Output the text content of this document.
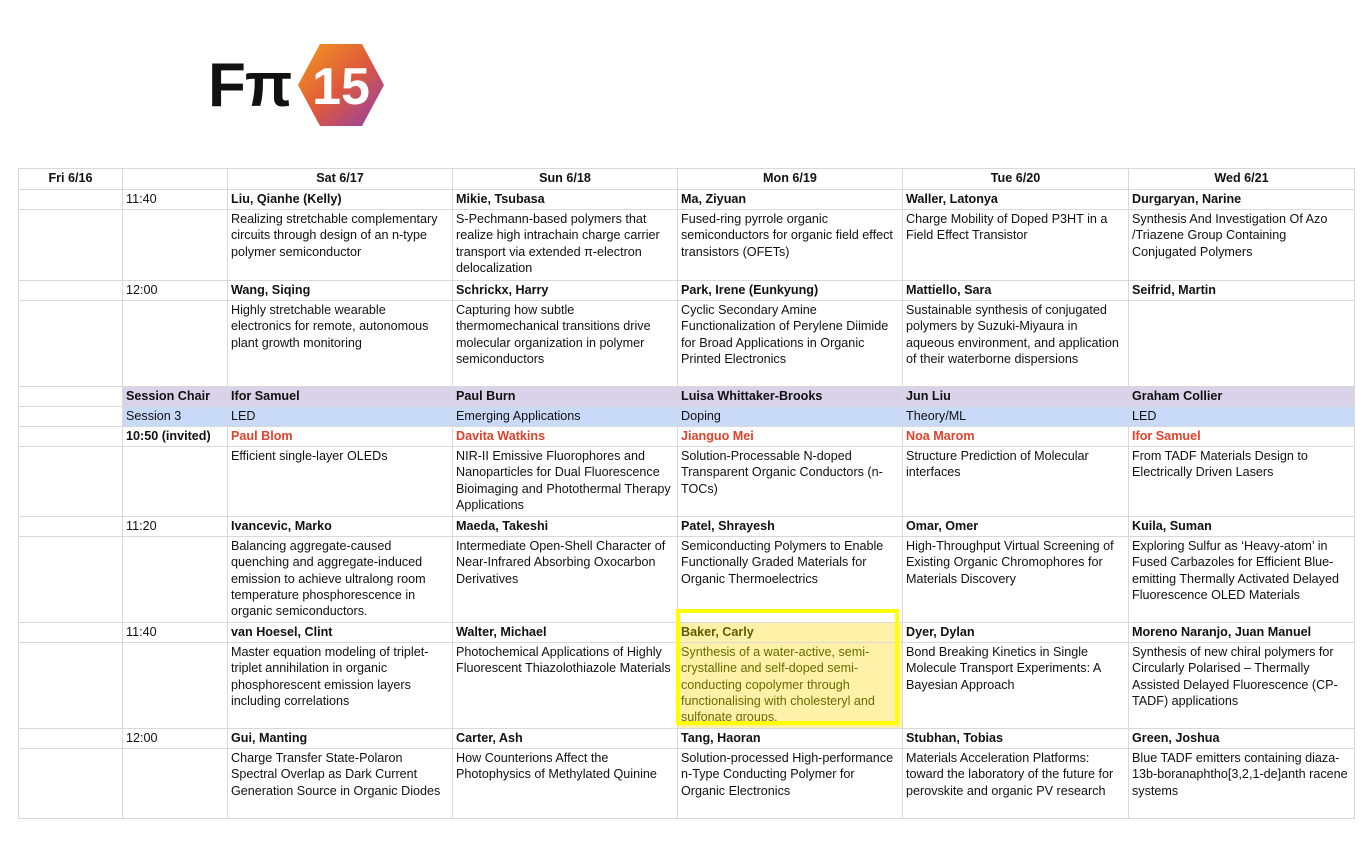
Fπ 15
Fri 6/16		Sat 6/17	Sun 6/18	Mon 6/19	Tue 6/20	Wed 6/21
	11:40	Liu, Qianhe (Kelly)	Mikie, Tsubasa	Ma, Ziyuan	Waller, Latonya	Durgaryan, Narine
		Realizing stretchable complementary circuits through design of an n-type polymer semiconductor	S-Pechmann-based polymers that realize high intrachain charge carrier transport via extended π-electron delocalization	Fused-ring pyrrole organic semiconductors for organic field effect transistors (OFETs)	Charge Mobility of Doped P3HT in a Field Effect Transistor	Synthesis And Investigation Of Azo /Triazene Group Containing Conjugated Polymers
	12:00	Wang, Siqing	Schrickx, Harry	Park, Irene (Eunkyung)	Mattiello, Sara	Seifrid, Martin
		Highly stretchable wearable electronics for remote, autonomous plant growth monitoring	Capturing how subtle thermomechanical transitions drive molecular organization in polymer semiconductors	Cyclic Secondary Amine Functionalization of Perylene Diimide for Broad Applications in Organic Printed Electronics	Sustainable synthesis of conjugated polymers by Suzuki-Miyaura in aqueous environment, and application of their waterborne dispersions	
	Session Chair	Ifor Samuel	Paul Burn	Luisa Whittaker-Brooks	Jun Liu	Graham Collier
	Session 3	LED	Emerging Applications	Doping	Theory/ML	LED
	10:50 (invited)	Paul Blom	Davita Watkins	Jianguo Mei	Noa Marom	Ifor Samuel
		Efficient single-layer OLEDs	NIR-II Emissive Fluorophores and Nanoparticles for Dual Fluorescence Bioimaging and Photothermal Therapy Applications	Solution-Processable N-doped Transparent Organic Conductors (n-TOCs)	Structure Prediction of Molecular interfaces	From TADF Materials Design to Electrically Driven Lasers
	11:20	Ivancevic, Marko	Maeda, Takeshi	Patel, Shrayesh	Omar, Omer	Kuila, Suman
		Balancing aggregate-caused quenching and aggregate-induced emission to achieve ultralong room temperature phosphorescence in organic semiconductors.	Intermediate Open-Shell Character of Near-Infrared Absorbing Oxocarbon Derivatives	Semiconducting Polymers to Enable Functionally Graded Materials for Organic Thermoelectrics	High-Throughput Virtual Screening of Existing Organic Chromophores for Materials Discovery	Exploring Sulfur as ‘Heavy-atom’ in Fused Carbazoles for Efficient Blue-emitting Thermally Activated Delayed Fluorescence OLED Materials
	11:40	van Hoesel, Clint	Walter, Michael	Baker, Carly	Dyer, Dylan	Moreno Naranjo, Juan Manuel
		Master equation modeling of triplet-triplet annihilation in organic phosphorescent emission layers including correlations	Photochemical Applications of Highly Fluorescent Thiazolothiazole Materials	Synthesis of a water-active, semi-crystalline and self-doped semi-conducting copolymer through functionalising with cholesteryl and sulfonate groups.	Bond Breaking Kinetics in Single Molecule Transport Experiments: A Bayesian Approach	Synthesis of new chiral polymers for Circularly Polarised – Thermally Assisted Delayed Fluorescence (CP-TADF) applications
	12:00	Gui, Manting	Carter, Ash	Tang, Haoran	Stubhan, Tobias	Green, Joshua
		Charge Transfer State-Polaron Spectral Overlap as Dark Current Generation Source in Organic Diodes	How Counterions Affect the Photophysics of Methylated Quinine	Solution-processed High-performance n-Type Conducting Polymer for Organic Electronics	Materials Acceleration Platforms: toward the laboratory of the future for perovskite and organic PV research	Blue TADF emitters containing diaza-13b-boranaphtho[3,2,1-de]anth racene systems
